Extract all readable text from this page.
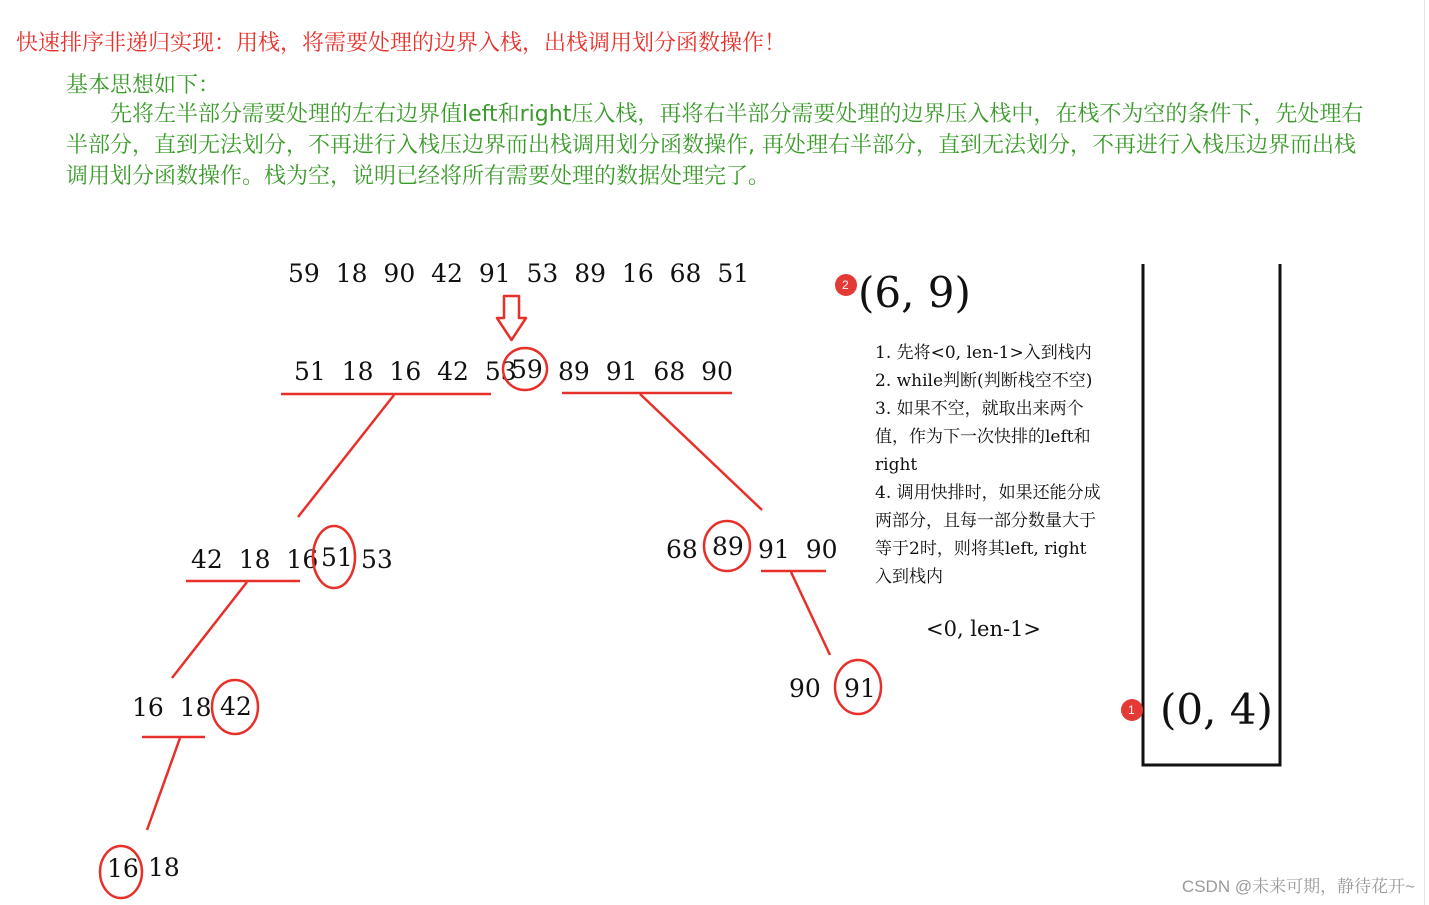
快速排序非递归实现：用栈，将需要处理的边界入栈，出栈调用划分函数操作！
基本思想如下：
先将左半部分需要处理的左右边界值left和right压入栈，再将右半部分需要处理的边界压入栈中，在栈不为空的条件下，先处理右半部分，直到无法划分，不再进行入栈压边界而出栈调用划分函数操作, 再处理右半部分，直到无法划分，不再进行入栈压边界而出栈调用划分函数操作。栈为空，说明已经将所有需要处理的数据处理完了。
59  18  90  42  91  53  89  16  68  51
51  18  16  42  53
59 89  91  68  90
42  18  16 51 53	68 89 91  90
16  18 42
90 91
16 18
2 (6, 9)
1. 先将<0, len-1>入到栈内
2. while判断(判断栈空不空)
3. 如果不空，就取出来两个
值，作为下一次快排的left和
right
4. 调用快排时，如果还能分成
两部分，且每一部分数量大于
等于2时，则将其left, right
入到栈内
<0, len-1>
1 (0, 4)
CSDN @未来可期，静待花开~
